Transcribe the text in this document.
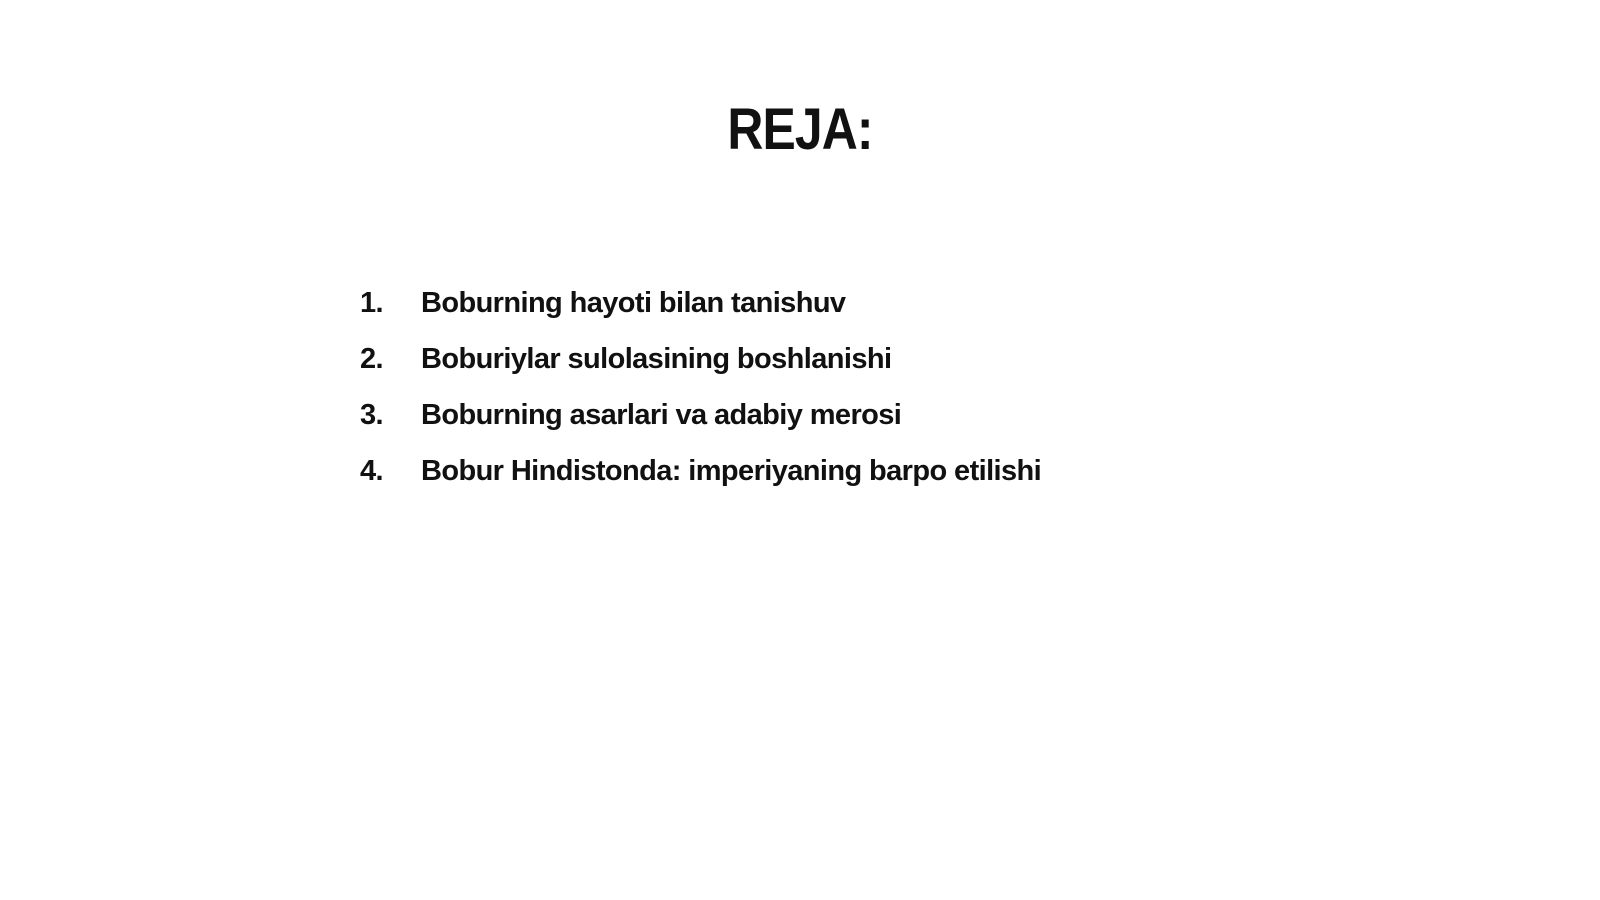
REJA:
1.	Boburning hayoti bilan tanishuv
2.	Boburiylar sulolasining boshlanishi
3.	Boburning asarlari va adabiy merosi
4.	Bobur Hindistonda: imperiyaning barpo etilishi
